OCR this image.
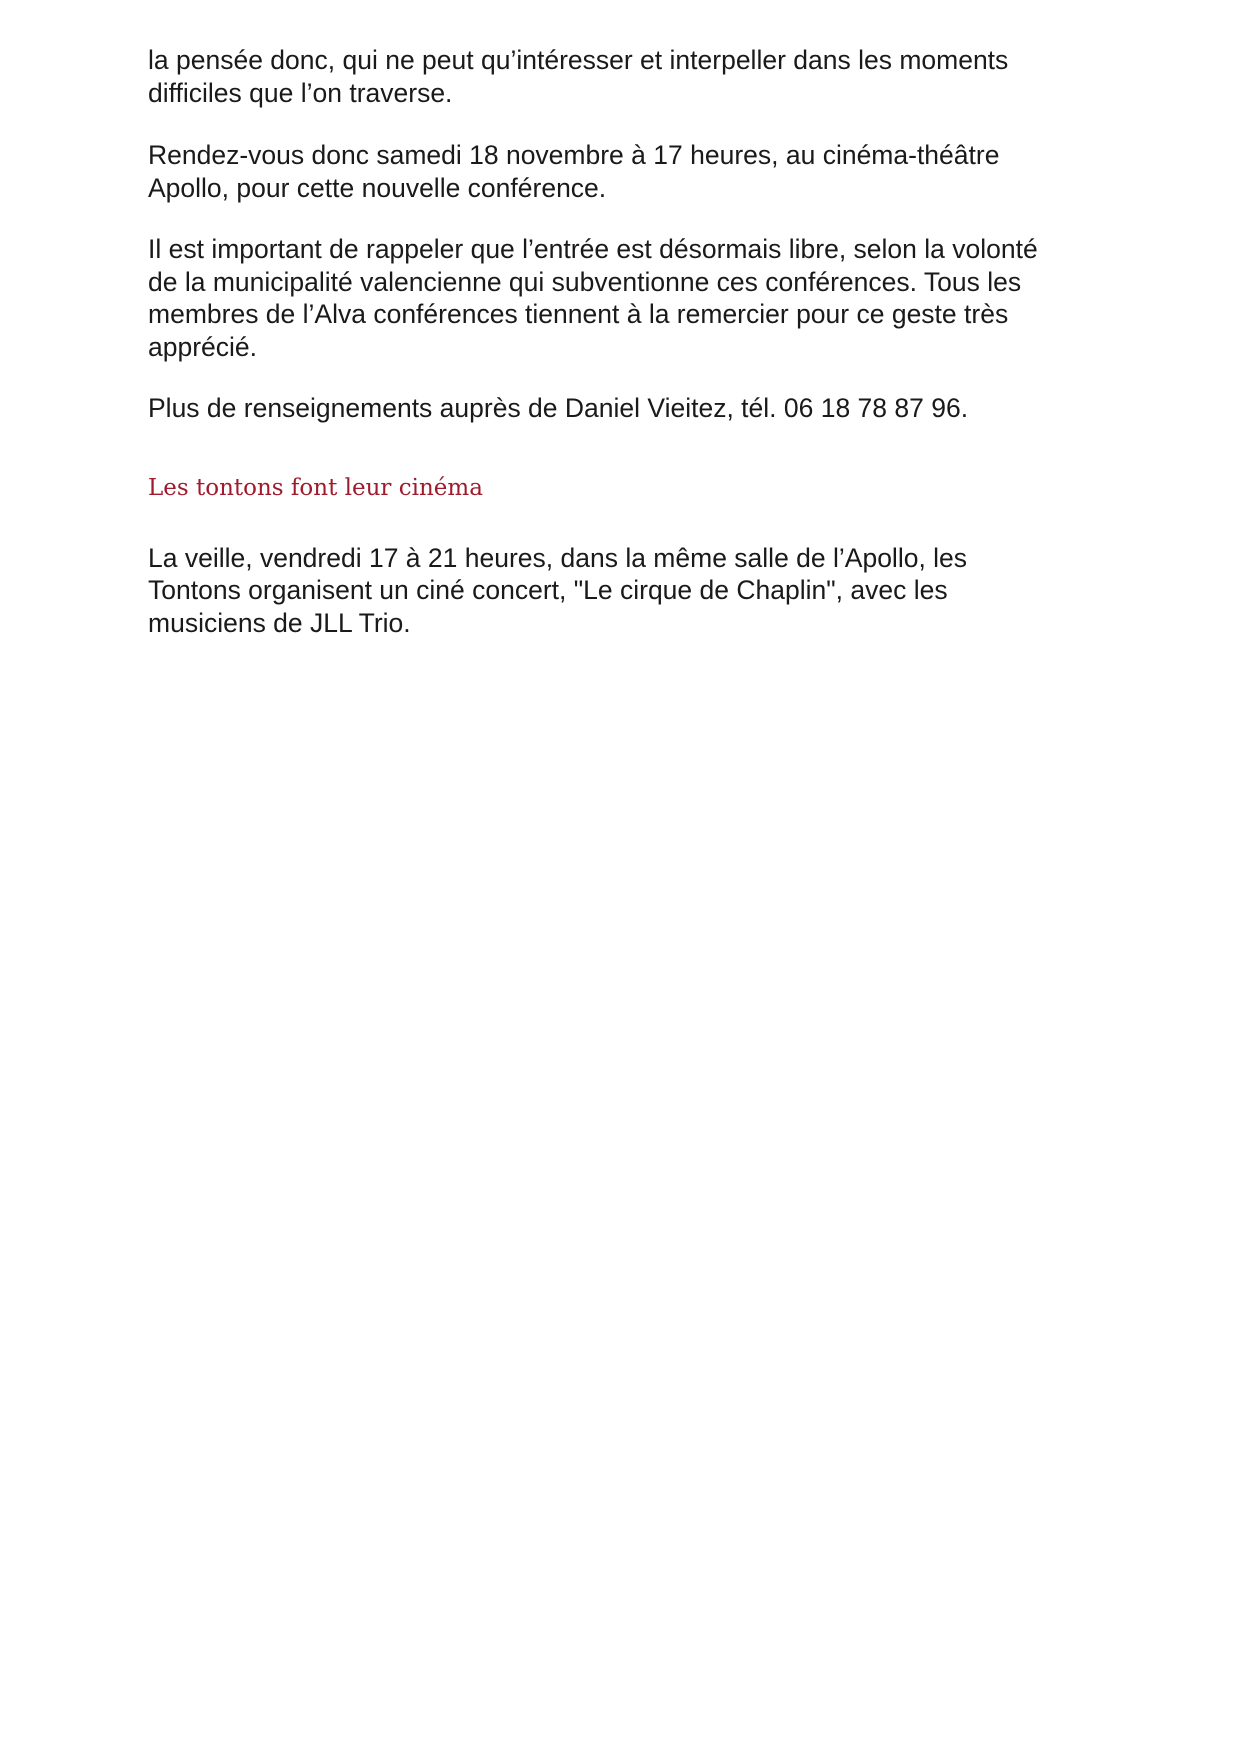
la pensée donc, qui ne peut qu’intéresser et interpeller dans les moments
difficiles que l’on traverse.

Rendez-vous donc samedi 18 novembre à 17 heures, au cinéma-théâtre
Apollo, pour cette nouvelle conférence.

Il est important de rappeler que l’entrée est désormais libre, selon la volonté
de la municipalité valencienne qui subventionne ces conférences. Tous les
membres de l’Alva conférences tiennent à la remercier pour ce geste très
apprécié.

Plus de renseignements auprès de Daniel Vieitez, tél. 06 18 78 87 96.

Les tontons font leur cinéma

La veille, vendredi 17 à 21 heures, dans la même salle de l’Apollo, les
Tontons organisent un ciné concert, "Le cirque de Chaplin", avec les
musiciens de JLL Trio.
